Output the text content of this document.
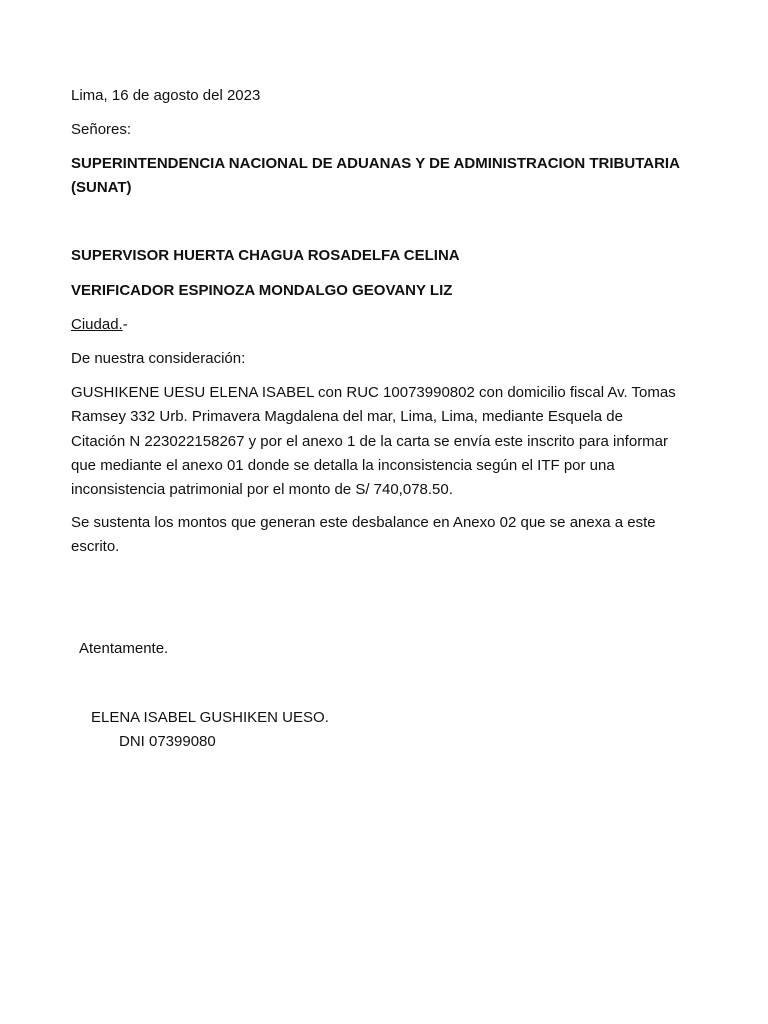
Lima, 16 de agosto del 2023
Señores:
SUPERINTENDENCIA NACIONAL DE ADUANAS Y DE ADMINISTRACION TRIBUTARIA
(SUNAT)
SUPERVISOR HUERTA CHAGUA ROSADELFA CELINA
VERIFICADOR ESPINOZA MONDALGO GEOVANY LIZ
Ciudad.-
De nuestra consideración:
GUSHIKENE UESU ELENA ISABEL con RUC 10073990802 con domicilio fiscal Av. Tomas
Ramsey 332 Urb. Primavera Magdalena del mar, Lima, Lima, mediante Esquela de
Citación N 223022158267 y por el anexo 1 de la carta se envía este inscrito para informar
que mediante el anexo 01 donde se detalla la inconsistencia según el ITF por una
inconsistencia patrimonial por el monto de S/ 740,078.50.
Se sustenta los montos que generan este desbalance en Anexo 02 que se anexa a este
escrito.
Atentamente.
ELENA ISABEL GUSHIKEN UESO.
DNI 07399080
